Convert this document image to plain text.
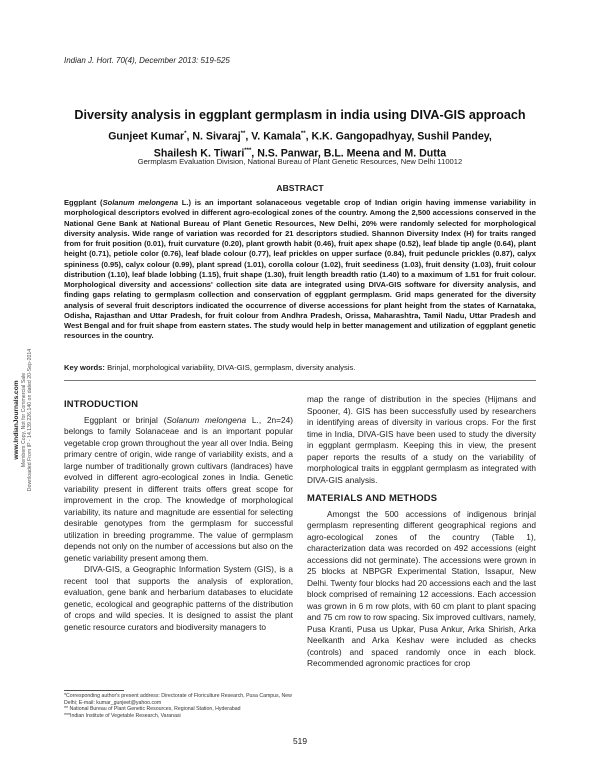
Indian J. Hort. 70(4), December 2013: 519-525
Diversity analysis in eggplant germplasm in india using DIVA-GIS approach
Gunjeet Kumar*, N. Sivaraj**, V. Kamala**, K.K. Gangopadhyay, Sushil Pandey,
Shailesh K. Tiwari***, N.S. Panwar, B.L. Meena and M. Dutta
Germplasm Evaluation Division, National Bureau of Plant Genetic Resources, New Delhi 110012
ABSTRACT
Eggplant (Solanum melongena L.) is an important solanaceous vegetable crop of Indian origin having immense variability in morphological descriptors evolved in different agro-ecological zones of the country. Among the 2,500 accessions conserved in the National Gene Bank at National Bureau of Plant Genetic Resources, New Delhi, 20% were randomly selected for morphological diversity analysis. Wide range of variation was recorded for 21 descriptors studied. Shannon Diversity Index (H) for traits ranged from for fruit position (0.01), fruit curvature (0.20), plant growth habit (0.46), fruit apex shape (0.52), leaf blade tip angle (0.64), plant height (0.71), petiole color (0.76), leaf blade colour (0.77), leaf prickles on upper surface (0.84), fruit peduncle prickles (0.87), calyx spininess (0.95), calyx colour (0.99), plant spread (1.01), corolla colour (1.02), fruit seediness (1.03), fruit density (1.03), fruit colour distribution (1.10), leaf blade lobbing (1.15), fruit shape (1.30), fruit length breadth ratio (1.40) to a maximum of 1.51 for fruit colour. Morphological diversity and accessions' collection site data are integrated using DIVA-GIS software for diversity analysis, and finding gaps relating to germplasm collection and conservation of eggplant germplasm. Grid maps generated for the diversity analysis of several fruit descriptors indicated the occurrence of diverse accessions for plant height from the states of Karnataka, Odisha, Rajasthan and Uttar Pradesh, for fruit colour from Andhra Pradesh, Orissa, Maharashtra, Tamil Nadu, Uttar Pradesh and West Bengal and for fruit shape from eastern states. The study would help in better management and utilization of eggplant genetic resources in the country.
Key words: Brinjal, morphological variability, DIVA-GIS, germplasm, diversity analysis.
www.IndianJournals.com Members Copy, Not for Commercial Sale Downloaded From IP - 14.139.226.140 on dated 20-Sep-2014	INTRODUCTION

Eggplant or brinjal (Solanum melongena L., 2n=24) belongs to family Solanaceae and is an important popular vegetable crop grown throughout the year all over India. Being primary centre of origin, wide range of variability exists, and a large number of traditionally grown cultivars (landraces) have evolved in different agro-ecological zones in India. Genetic variability present in different traits offers great scope for improvement in the crop. The knowledge of morphological variability, its nature and magnitude are essential for selecting desirable genotypes from the germplasm for successful utilization in breeding programme. The value of germplasm depends not only on the number of accessions but also on the genetic variability present among them.

DIVA-GIS, a Geographic Information System (GIS), is a recent tool that supports the analysis of exploration, evaluation, gene bank and herbarium databases to elucidate genetic, ecological and geographic patterns of the distribution of crops and wild species. It is designed to assist the plant genetic resource curators and biodiversity managers to

map the range of distribution in the species (Hijmans and Spooner, 4). GIS has been successfully used by researchers in identifying areas of diversity in various crops. For the first time in India, DIVA-GIS have been used to study the diversity in eggplant germplasm. Keeping this in view, the present paper reports the results of a study on the variability of morphological traits in eggplant germplasm as integrated with DIVA-GIS analysis.

MATERIALS AND METHODS

Amongst the 500 accessions of indigenous brinjal germplasm representing different geographical regions and agro-ecological zones of the country (Table 1), characterization data was recorded on 492 accessions (eight accessions did not germinate). The accessions were grown in 25 blocks at NBPGR Experimental Station, Issapur, New Delhi. Twenty four blocks had 20 accessions each and the last block comprised of remaining 12 accessions. Each accession was grown in 6 m row plots, with 60 cm plant to plant spacing and 75 cm row to row spacing. Six improved cultivars, namely, Pusa Kranti, Pusa us Upkar, Pusa Ankur, Arka Shirish, Arka Neelkanth and Arka Keshav were included as checks (controls) and spaced randomly once in each block. Recommended agronomic practices for crop

*Corresponding author's present address: Directorate of Floriculture Research, Pusa Campus, New Delhi; E-mail: kumar_gunjeet@yahoo.com
** National Bureau of Plant Genetic Resources, Regional Station, Hyderabad
***Indian Institute of Vegetable Research, Varanasi
519
